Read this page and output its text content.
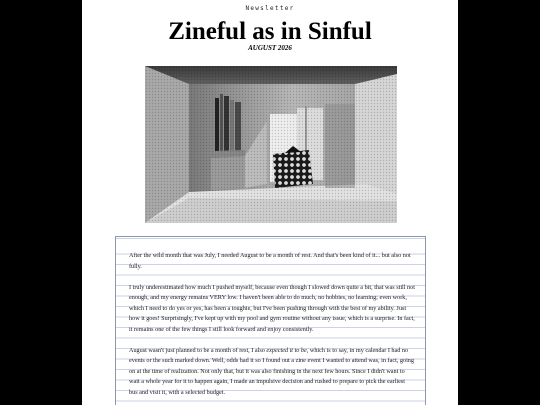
Newsletter
Zineful as in Sinful
AUGUST 2026

After the wild month that was July, I needed August to be a month of rest. And that's been kind of it... but also not fully.

I truly underestimated how much I pushed myself, because even though I slowed down quite a bit, that was still not enough, and my energy remains VERY low. I haven't been able to do much, no hobbies, no learning; even work, which I need to do yes or yes, has been a toughie, but I've been pushing through with the best of my ability. Just how it goes! Surprisingly, I've kept up with my pool and gym routine without any issue, which is a surprise. In fact, it remains one of the few things I still look forward and enjoy consistently.

August wasn't just planned to be a month of rest, I also expected it to be, which is to say, in my calendar I had no events or the such marked down. Well, odds had it so I found out a zine event I wanted to attend was, in fact, going on at the time of realization. Not only that, but it was also finishing in the next few hours. Since I didn't want to wait a whole year for it to happen again, I made an impulsive decision and rushed to prepare to pick the earliest bus and visit it, with a selected budget.
